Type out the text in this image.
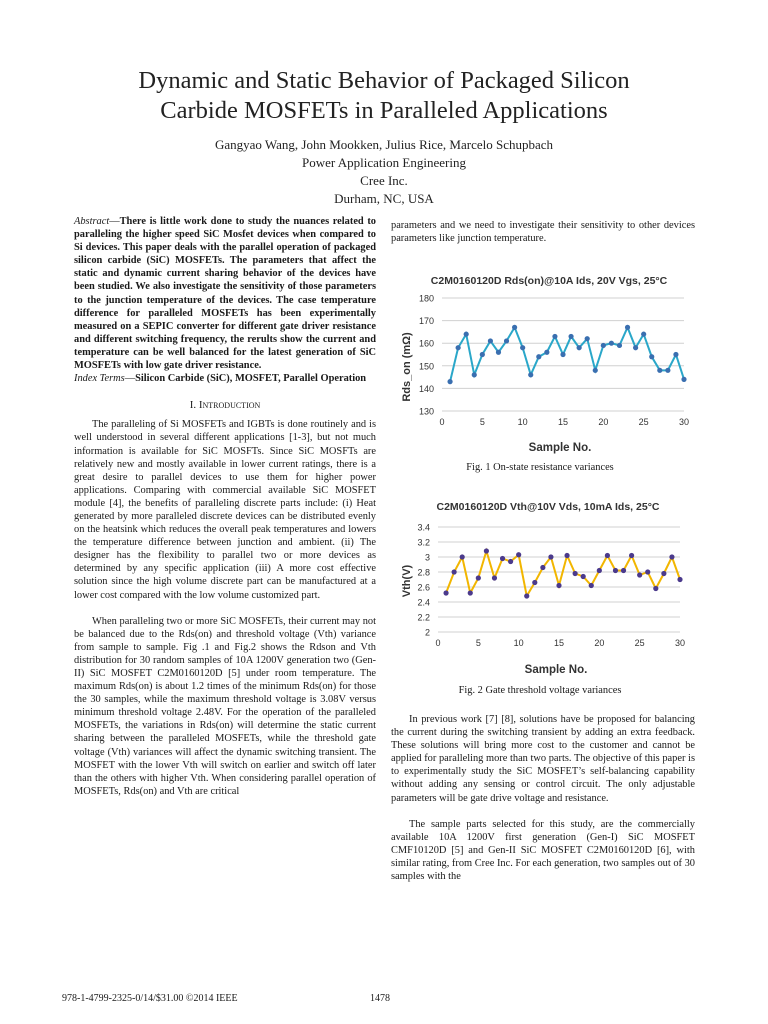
Dynamic and Static Behavior of Packaged Silicon
Carbide MOSFETs in Paralleled Applications
Gangyao Wang, John Mookken, Julius Rice, Marcelo Schupbach
Power Application Engineering
Cree Inc.
Durham, NC, USA

Abstract—There is little work done to study the nuances related to paralleling the higher speed SiC Mosfet devices when compared to Si devices. This paper deals with the parallel operation of packaged silicon carbide (SiC) MOSFETs. The parameters that affect the static and dynamic current sharing behavior of the devices have been studied. We also investigate the sensitivity of those parameters to the junction temperature of the devices. The case temperature difference for paralleled MOSFETs has been experimentally measured on a SEPIC converter for different gate driver resistance and different switching frequency, the rerults show the current and temperature can be well balanced for the latest generation of SiC MOSFETs with low gate driver resistance.

Index Terms—Silicon Carbide (SiC), MOSFET, Parallel Operation

I. Introduction

The paralleling of Si MOSFETs and IGBTs is done routinely and is well understood in several different applications [1-3], but not much information is available for SiC MOSFTs. Since SiC MOSFTs are relatively new and mostly available in lower current ratings, there is a great desire to parallel devices to use them for higher power applications. Comparing with commercial available SiC MOSFET module [4], the benefits of paralleling discrete parts include: (i) Heat generated by more paralleled discrete devices can be distributed evenly on the heatsink which reduces the overall peak temperatures and lowers the temperature difference between junction and ambient. (ii) The designer has the flexibility to parallel two or more devices as determined by any specific application (iii) A more cost effective solution since the high volume discrete part can be manufactured at a lower cost compared with the low volume customized part.

When paralleling two or more SiC MOSFETs, their current may not be balanced due to the Rds(on) and threshold voltage (Vth) variance from sample to sample. Fig .1 and Fig.2 shows the Rdson and Vth distribution for 30 random samples of 10A 1200V generation two (Gen-II) SiC MOSFET C2M0160120D [5] under room temperature. The maximum Rds(on) is about 1.2 times of the minimum Rds(on) for those the 30 samples, while the maximum threshold voltage is 3.08V versus minimum threshold voltage 2.48V. For the operation of the paralleled MOSFETs, the variations in Rds(on) will determine the static current sharing between the paralleled MOSFETs, while the threshold gate voltage (Vth) variances will affect the dynamic switching transient. The MOSFET with the lower Vth will switch on earlier and switch off later than the others with higher Vth. When considering parallel operation of MOSFETs, Rds(on) and Vth are critical

parameters and we need to investigate their sensitivity to other devices parameters like junction temperature.

C2M0160120D Rds(on)@10A Ids, 20V Vgs, 25°C
130
140
150
160
170
180
0	5	10	15	20	25	30
Rds_on (mΩ)
Sample No.
Fig. 1 On-state resistance variances
C2M0160120D Vth@10V Vds, 10mA Ids, 25°C
2
2.2
2.4
2.6
2.8
3
3.2
3.4
0	5	10	15	20	25	30
Vth(V)
Sample No.
Fig. 2 Gate threshold voltage variances

In previous work [7] [8], solutions have be proposed for balancing the current during the switching transient by adding an extra feedback. These solutions will bring more cost to the customer and cannot be applied for paralleling more than two parts. The objective of this paper is to experimentally study the SiC MOSFET’s self-balancing capability without adding any sensing or control circuit. The only adjustable parameters will be gate drive voltage and resistance.

The sample parts selected for this study, are the commercially available 10A 1200V first generation (Gen-I) SiC MOSFET CMF10120D [5] and Gen-II SiC MOSFET C2M0160120D [6], with similar rating, from Cree Inc. For each generation, two samples out of 30 samples with the

978-1-4799-2325-0/14/$31.00 ©2014 IEEE	1478
